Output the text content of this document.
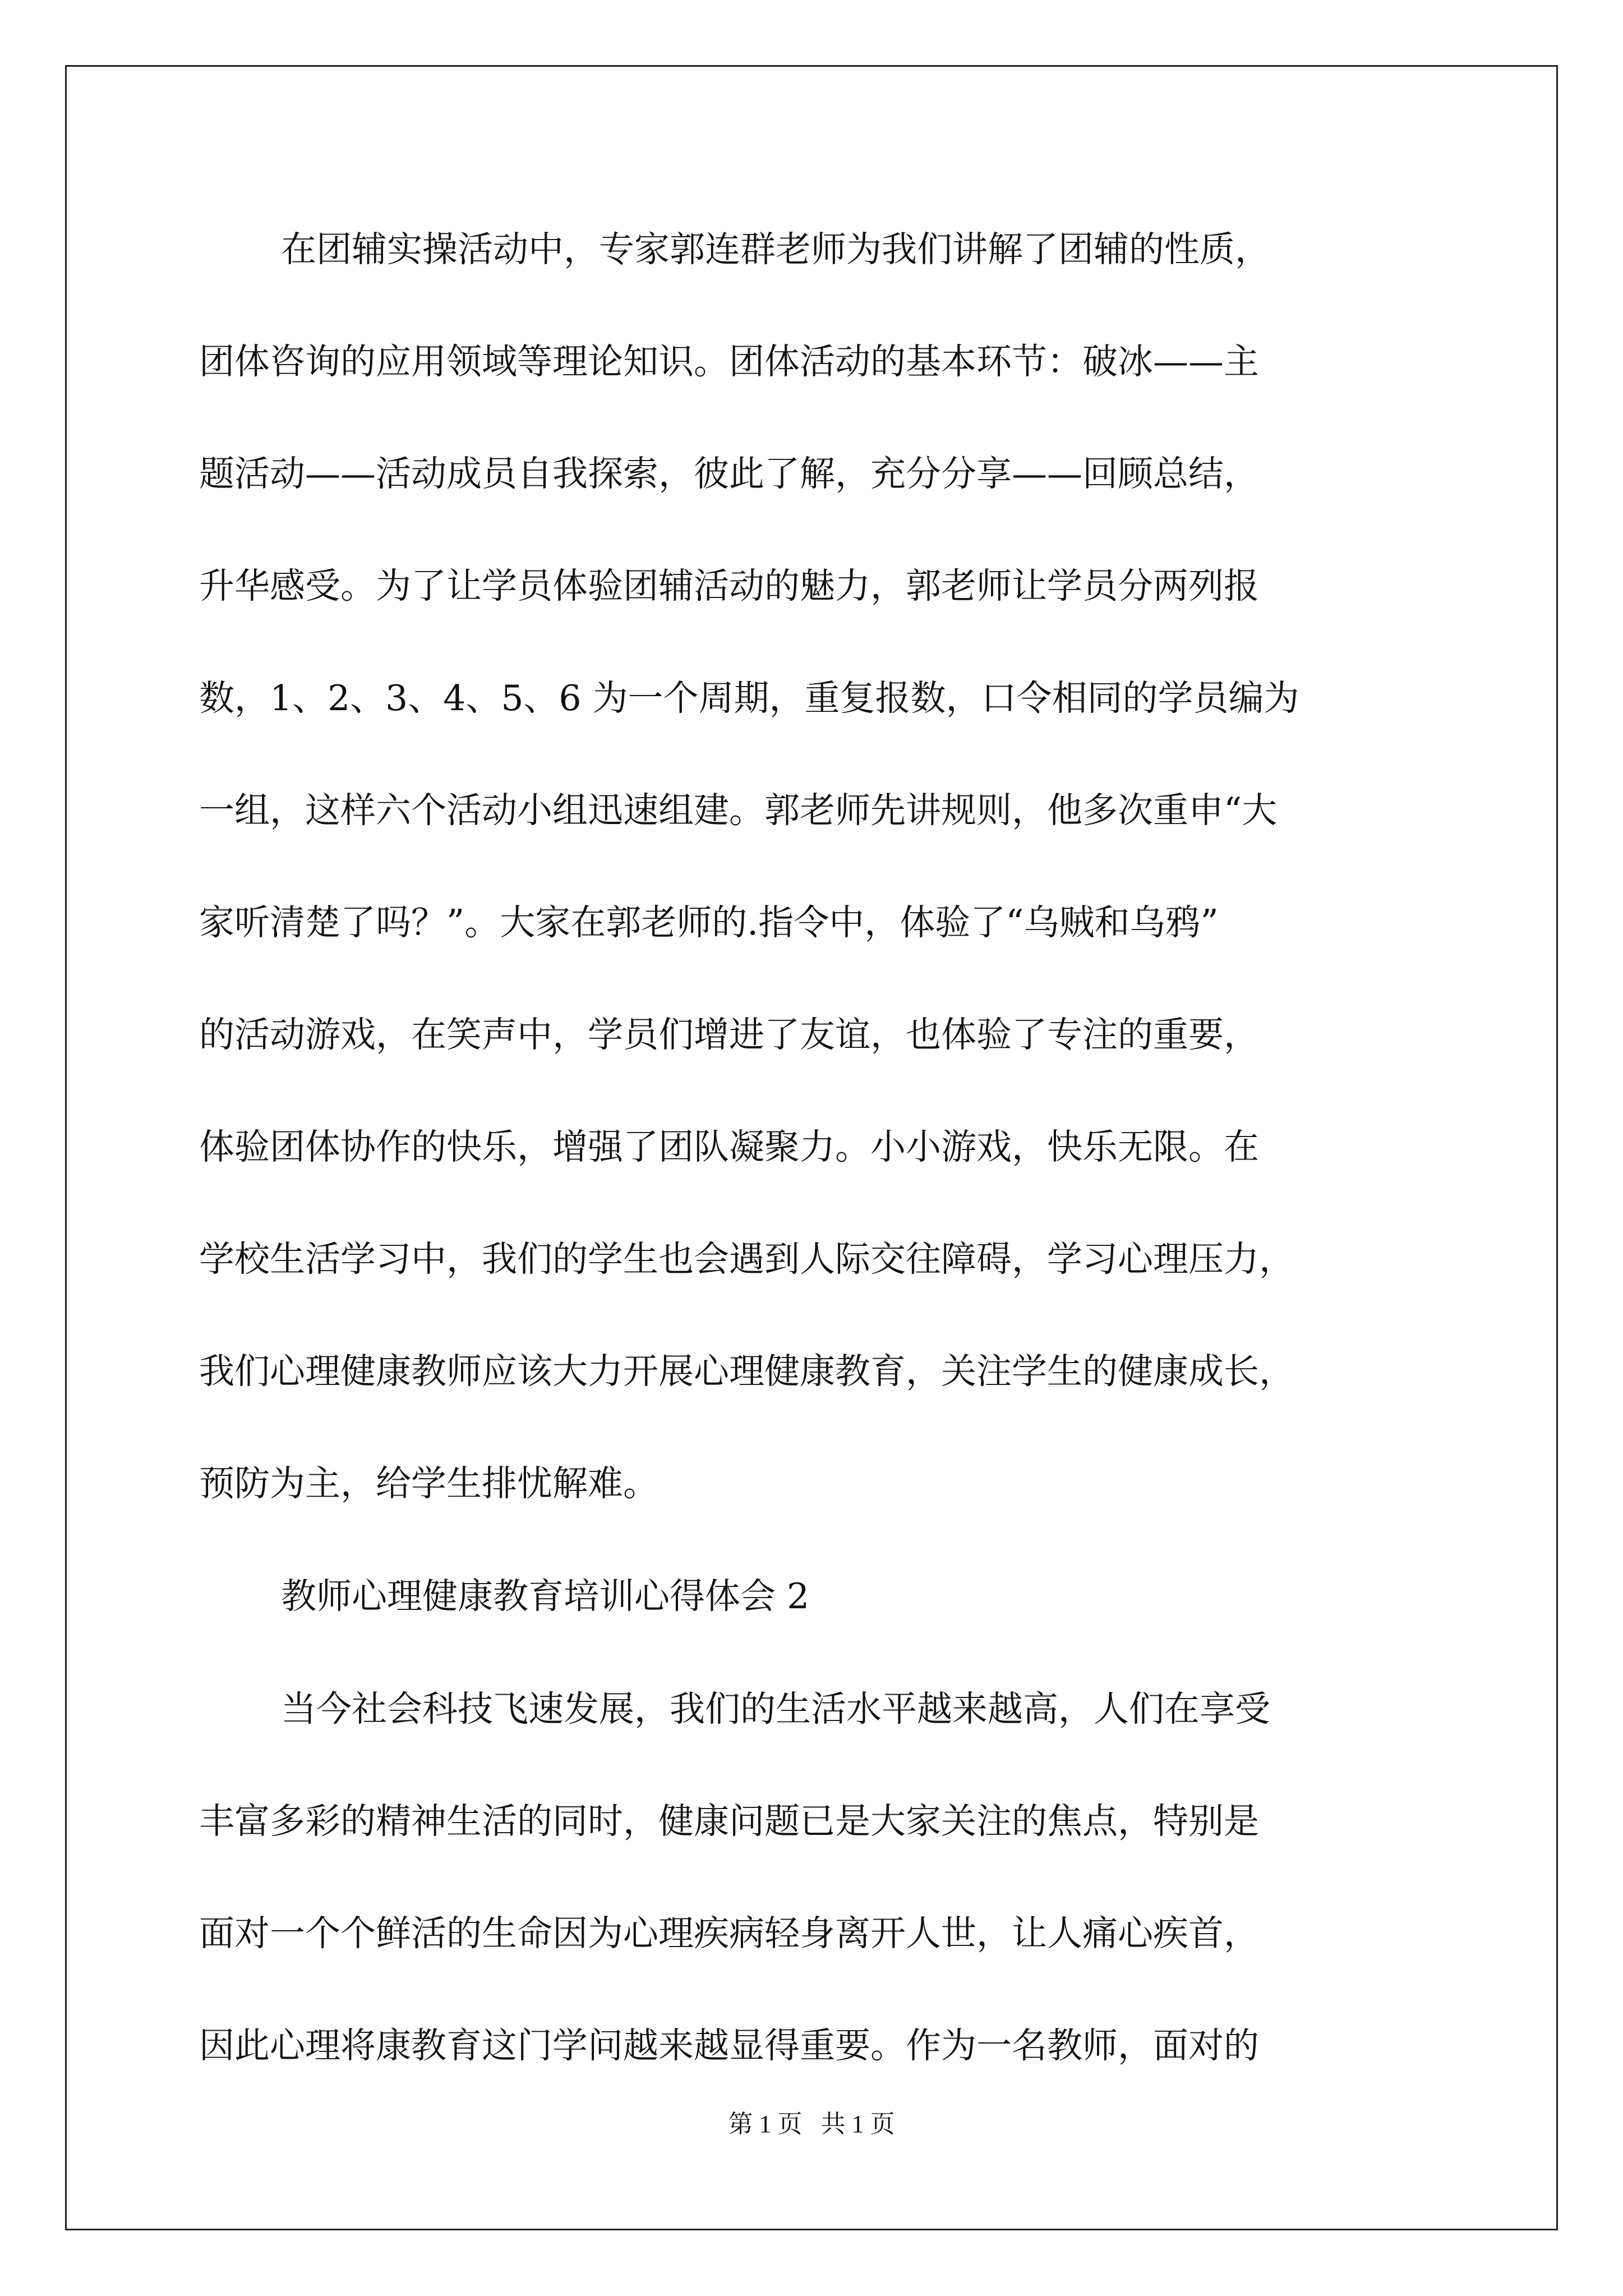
在团辅实操活动中，专家郭连群老师为我们讲解了团辅的性质，
团体咨询的应用领域等理论知识。团体活动的基本环节：破冰——主
题活动——活动成员自我探索，彼此了解，充分分享——回顾总结，
升华感受。为了让学员体验团辅活动的魅力，郭老师让学员分两列报
数，1、2、3、4、5、6 为一个周期，重复报数，口令相同的学员编为
一组，这样六个活动小组迅速组建。郭老师先讲规则，他多次重申“大
家听清楚了吗？”。大家在郭老师的.指令中，体验了“乌贼和乌鸦”
的活动游戏，在笑声中，学员们增进了友谊，也体验了专注的重要，
体验团体协作的快乐，增强了团队凝聚力。小小游戏，快乐无限。在
学校生活学习中，我们的学生也会遇到人际交往障碍，学习心理压力，
我们心理健康教师应该大力开展心理健康教育，关注学生的健康成长，
预防为主，给学生排忧解难。
教师心理健康教育培训心得体会 2
当今社会科技飞速发展，我们的生活水平越来越高，人们在享受
丰富多彩的精神生活的同时，健康问题已是大家关注的焦点，特别是
面对一个个鲜活的生命因为心理疾病轻身离开人世，让人痛心疾首，
因此心理将康教育这门学问越来越显得重要。作为一名教师，面对的
第 1 页   共 1 页
